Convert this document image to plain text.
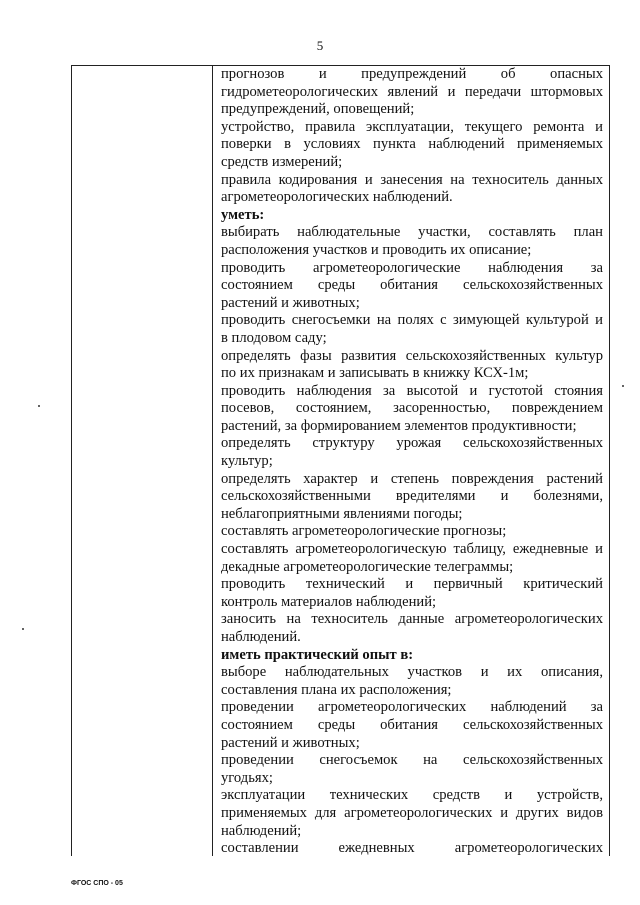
5
прогнозов и предупреждений об опасных
гидрометеорологических явлений и передачи штормовых
предупреждений, оповещений;
устройство, правила эксплуатации, текущего ремонта и
поверки в условиях пункта наблюдений применяемых
средств измерений;
правила кодирования и занесения на техноситель данных
агрометеорологических наблюдений.
уметь:
выбирать наблюдательные участки, составлять план
расположения участков и проводить их описание;
проводить агрометеорологические наблюдения за
состоянием среды обитания сельскохозяйственных
растений и животных;
проводить снегосъемки на полях с зимующей культурой и
в плодовом саду;
определять фазы развития сельскохозяйственных культур
по их признакам и записывать в книжку КСХ-1м;
проводить наблюдения за высотой и густотой стояния
посевов, состоянием, засоренностью, повреждением
растений, за формированием элементов продуктивности;
определять структуру урожая сельскохозяйственных
культур;
определять характер и степень повреждения растений
сельскохозяйственными вредителями и болезнями,
неблагоприятными явлениями погоды;
составлять агрометеорологические прогнозы;
составлять агрометеорологическую таблицу, ежедневные и
декадные агрометеорологические телеграммы;
проводить технический и первичный критический
контроль материалов наблюдений;
заносить на техноситель данные агрометеорологических
наблюдений.
иметь практический опыт в:
выборе наблюдательных участков и их описания,
составления плана их расположения;
проведении агрометеорологических наблюдений за
состоянием среды обитания сельскохозяйственных
растений и животных;
проведении снегосъемок на сельскохозяйственных
угодьях;
эксплуатации технических средств и устройств,
применяемых для агрометеорологических и других видов
наблюдений;
составлении ежедневных агрометеорологических
ФГОС СПО - 05
